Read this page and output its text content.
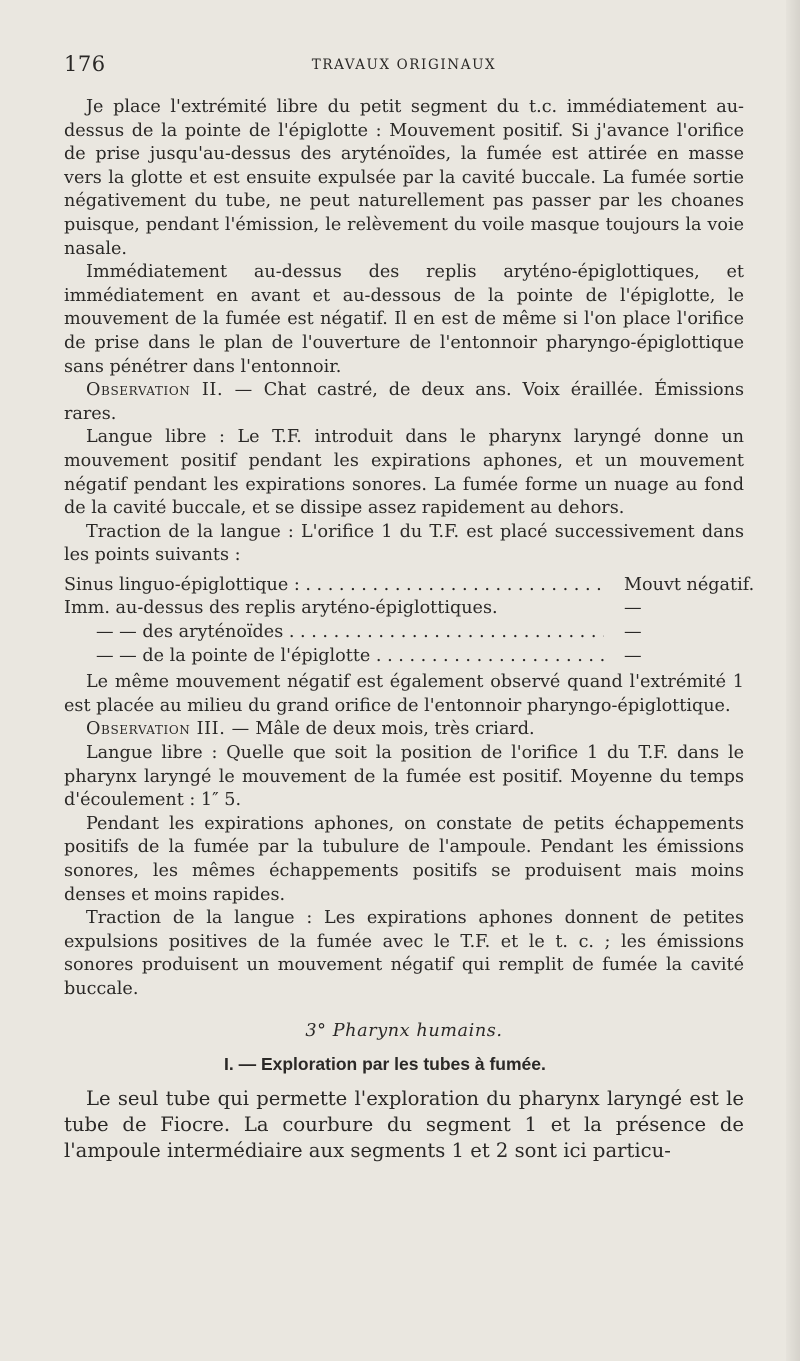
176	TRAVAUX ORIGINAUX

Je place l'extrémité libre du petit segment du t.c. immédiatement au-dessus de la pointe de l'épiglotte : Mouvement positif. Si j'avance l'orifice de prise jusqu'au-dessus des aryténoïdes, la fumée est attirée en masse vers la glotte et est ensuite expulsée par la cavité buccale. La fumée sortie négativement du tube, ne peut naturellement pas passer par les choanes puisque, pendant l'émission, le relèvement du voile masque toujours la voie nasale.

Immédiatement au-dessus des replis aryténo-épiglottiques, et immédiatement en avant et au-dessous de la pointe de l'épiglotte, le mouvement de la fumée est négatif. Il en est de même si l'on place l'orifice de prise dans le plan de l'ouverture de l'entonnoir pharyngo-épiglottique sans pénétrer dans l'entonnoir.

Observation II. — Chat castré, de deux ans. Voix éraillée. Émissions rares.

Langue libre : Le T.F. introduit dans le pharynx laryngé donne un mouvement positif pendant les expirations aphones, et un mouvement négatif pendant les expirations sonores. La fumée forme un nuage au fond de la cavité buccale, et se dissipe assez rapidement au dehors.

Traction de la langue : L'orifice 1 du T.F. est placé successivement dans les points suivants :

Sinus linguo-épiglottique : . . .	Mouvt négatif.
Imm. au-dessus des replis aryténo-épiglottiques.	—
— — des aryténoïdes . . .	—
— — de la pointe de l'épiglotte . . .	—

Le même mouvement négatif est également observé quand l'extrémité 1 est placée au milieu du grand orifice de l'entonnoir pharyngo-épiglottique.

Observation III. — Mâle de deux mois, très criard.

Langue libre : Quelle que soit la position de l'orifice 1 du T.F. dans le pharynx laryngé le mouvement de la fumée est positif. Moyenne du temps d'écoulement : 1″ 5.

Pendant les expirations aphones, on constate de petits échappements positifs de la fumée par la tubulure de l'ampoule. Pendant les émissions sonores, les mêmes échappements positifs se produisent mais moins denses et moins rapides.

Traction de la langue : Les expirations aphones donnent de petites expulsions positives de la fumée avec le T.F. et le t. c. ; les émissions sonores produisent un mouvement négatif qui remplit de fumée la cavité buccale.

3° Pharynx humains.

I. — Exploration par les tubes à fumée.

Le seul tube qui permette l'exploration du pharynx laryngé est le tube de Fiocre. La courbure du segment 1 et la présence de l'ampoule intermédiaire aux segments 1 et 2 sont ici particu-
